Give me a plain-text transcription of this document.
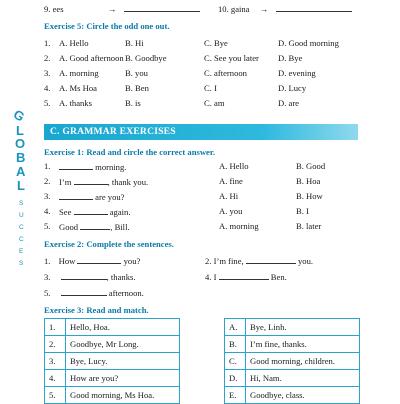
9. ees	→	10. gaina →
Exercise 5: Circle the odd one out.
1. A. Hello	B. Hi	C. Bye	D. Good morning
2. A. Good afternoon B. Goodbye	C. See you later D. Bye
3. A. morning	B. you	C. afternoon	D. evening
4. A. Ms Hoa	B. Ben	C. I	D. Lucy
5. A. thanks	B. is	C. am	D. are
G
L
O
B
A
L
S
U
C
C
E
S
C. GRAMMAR EXERCISES
Exercise 1: Read and circle the correct answer.
1.	morning.	A. Hello	B. Good
2. I’m	, thank you.	A. fine	B. Hoa
3.	are you?	A. Hi	B. How
4. See	again.	A. you	B. I
5. Good	, Bill.	A. morning	B. later
Exercise 2: Complete the sentences.
1. How	you?	2. I’m fine,	you.
3.	, thanks.	4. I	Ben.
5.	afternoon.
Exercise 3: Read and match.
1.	Hello, Hoa.
2.	Goodbye, Mr Long.
3.	Bye, Lucy.
4.	How are you?
5.	Good morning, Ms Hoa.
A.	Bye, Linh.
B.	I’m fine, thanks.
C.	Good morning, children.
D.	Hi, Nam.
E.	Goodbye, class.
